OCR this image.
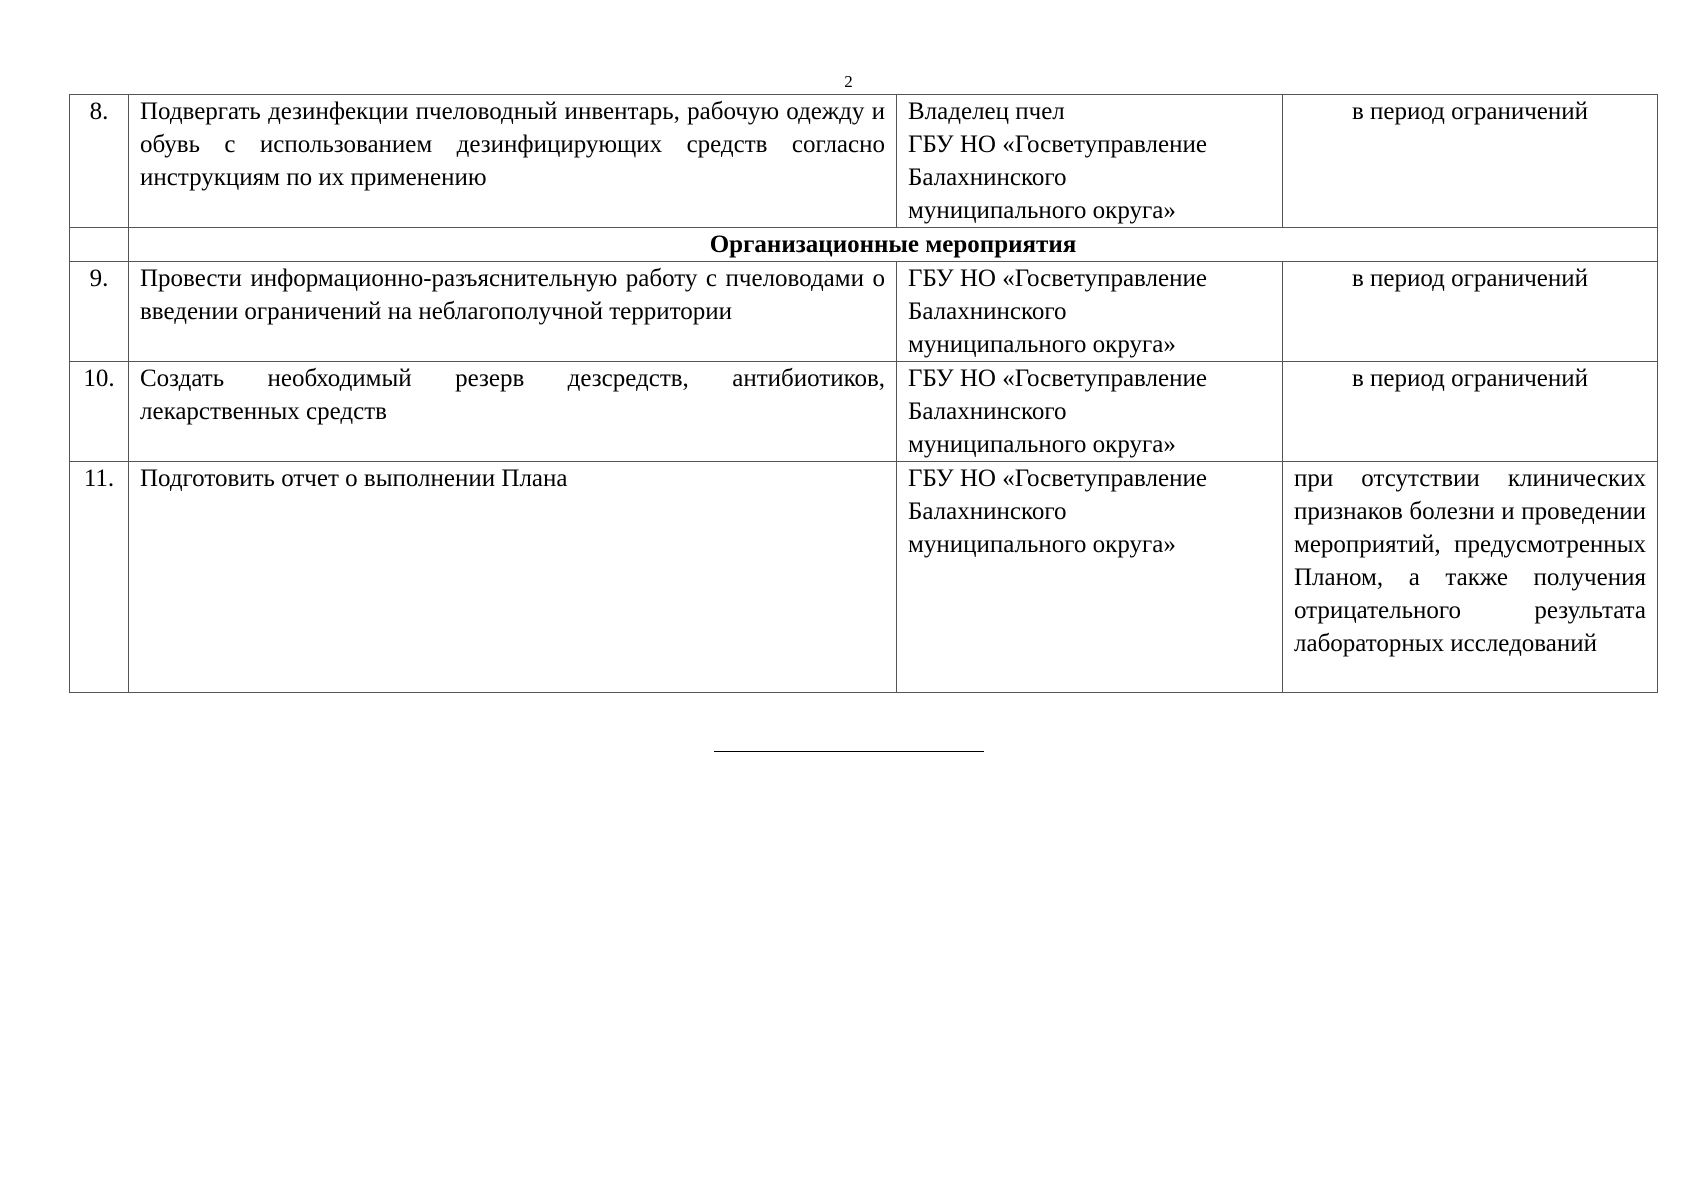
2
8.	Подвергать дезинфекции пчеловодный инвентарь, рабочую одежду и обувь с использованием дезинфицирующих средств согласно инструкциям по их применению	Владелец пчел
ГБУ НО «Госветуправление
Балахнинского
муниципального округа»	в период ограничений
	Организационные мероприятия		
9.	Провести информационно-разъяснительную работу с пчеловодами о введении ограничений на неблагополучной территории	ГБУ НО «Госветуправление
Балахнинского
муниципального округа»	в период ограничений
10.	Создать необходимый резерв дезсредств, антибиотиков, лекарственных средств	ГБУ НО «Госветуправление
Балахнинского
муниципального округа»	в период ограничений
11.	Подготовить отчет о выполнении Плана	ГБУ НО «Госветуправление
Балахнинского
муниципального округа»	при отсутствии клинических признаков болезни и проведении мероприятий, предусмотренных Планом, а также получения отрицательного результата лабораторных исследований
